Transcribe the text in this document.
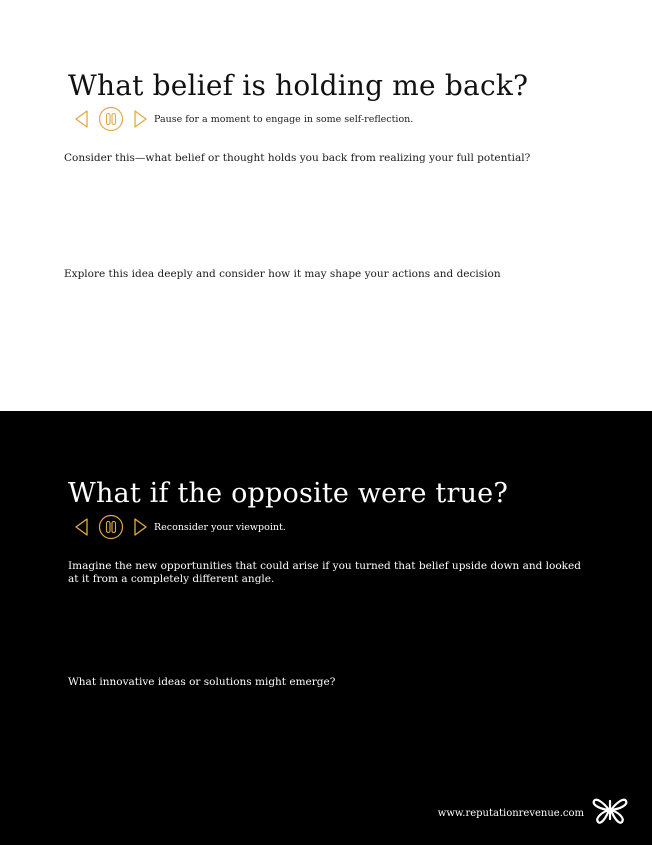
What belief is holding me back?
Pause for a moment to engage in some self-reflection.

Consider this—what belief or thought holds you back from realizing your full potential?

Explore this idea deeply and consider how it may shape your actions and decision

What if the opposite were true?
Reconsider your viewpoint.

Imagine the new opportunities that could arise if you turned that belief upside down and looked at it from a completely different angle.

What innovative ideas or solutions might emerge?

www.reputationrevenue.com
